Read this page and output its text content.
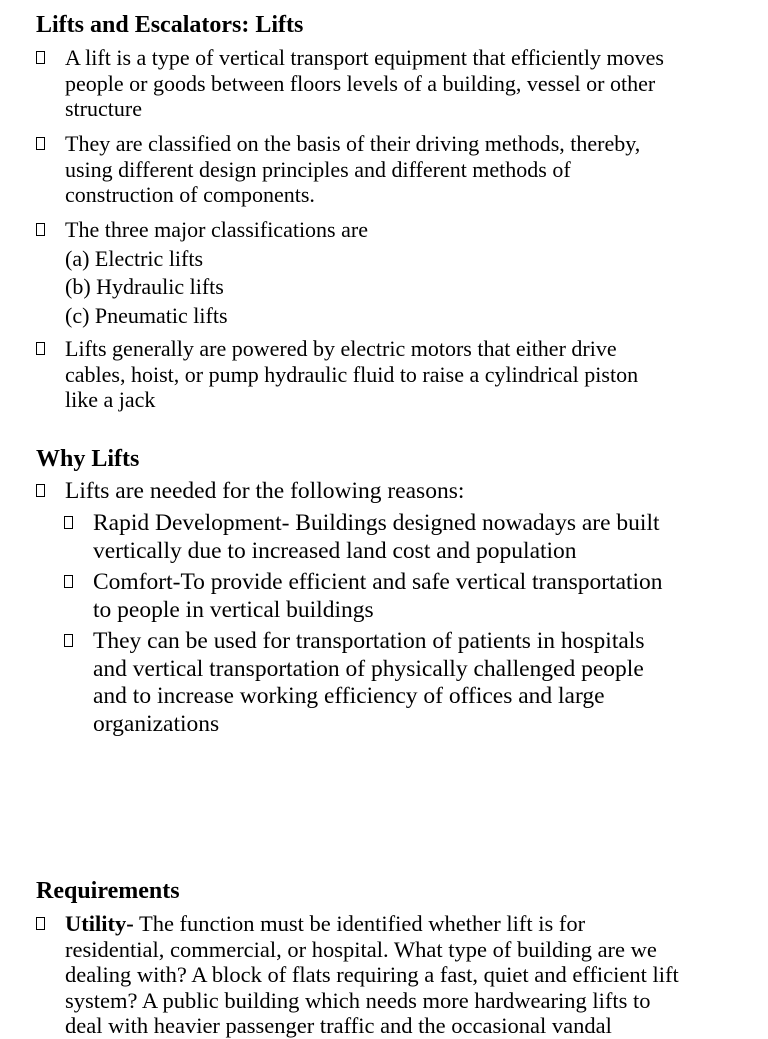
Lifts and Escalators: Lifts
A lift is a type of vertical transport equipment that efficiently moves
people or goods between floors levels of a building, vessel or other
structure
They are classified on the basis of their driving methods, thereby,
using different design principles and different methods of
construction of components.
The three major classifications are
(a) Electric lifts
(b) Hydraulic lifts
(c) Pneumatic lifts
Lifts generally are powered by electric motors that either drive
cables, hoist, or pump hydraulic fluid to raise a cylindrical piston
like a jack
Why Lifts
Lifts are needed for the following reasons:
Rapid Development- Buildings designed nowadays are built
vertically due to increased land cost and population
Comfort-To provide efficient and safe vertical transportation
to people in vertical buildings
They can be used for transportation of patients in hospitals
and vertical transportation of physically challenged people
and to increase working efficiency of offices and large
organizations
Requirements
Utility- The function must be identified whether lift is for
residential, commercial, or hospital. What type of building are we
dealing with? A block of flats requiring a fast, quiet and efficient lift
system? A public building which needs more hardwearing lifts to
deal with heavier passenger traffic and the occasional vandal
